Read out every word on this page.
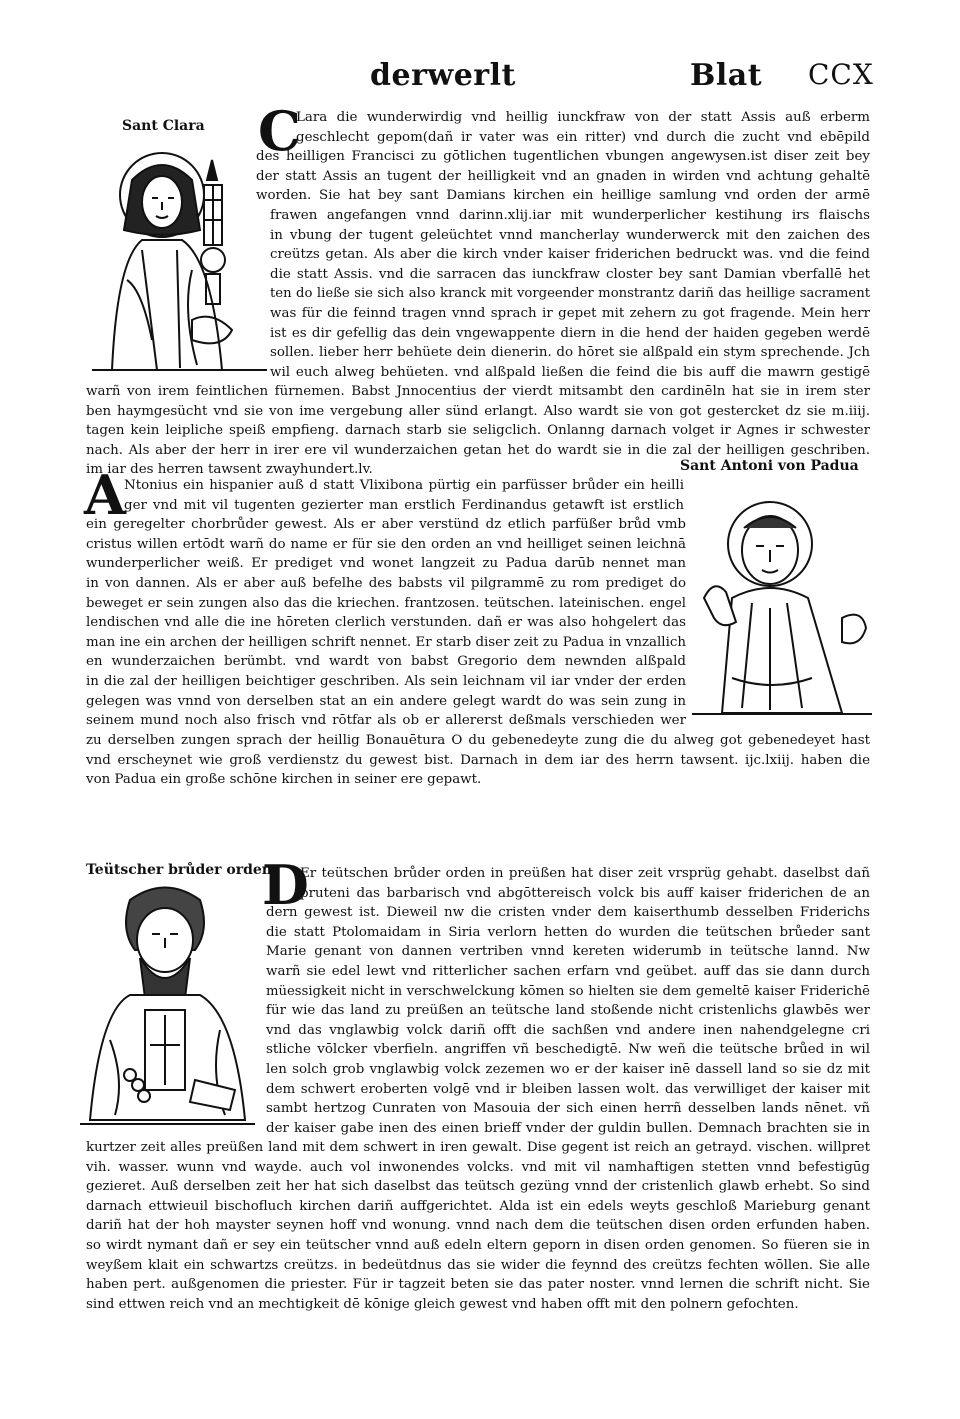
derwerlt	Blat CCX
Sant Clara C
Lara die wunderwirdig vnd heillig iunckfraw von der statt Assis auß erberm
geschlecht gepom(dañ ir vater was ein ritter) vnd durch die zucht vnd ebēpild
des heilligen Francisci zu gōtlichen tugentlichen vbungen angewysen.ist diser zeit bey
der statt Assis an tugent der heilligkeit vnd an gnaden in wirden vnd achtung gehaltē
worden. Sie hat bey sant Damians kirchen ein heillige samlung vnd orden der armē
frawen angefangen vnnd darinn.xlij.iar mit wunderperlicher kestihung irs flaischs
in vbung der tugent geleüchtet vnnd mancherlay wunderwerck mit den zaichen des
creützs getan. Als aber die kirch vnder kaiser friderichen bedruckt was. vnd die feind
die statt Assis. vnd die sarracen das iunckfraw closter bey sant Damian vberfallē het
ten do ließe sie sich also kranck mit vorgeender monstrantz dariñ das heillige sacrament
was für die feinnd tragen vnnd sprach ir gepet mit zehern zu got fragende. Mein herr
ist es dir gefellig das dein vngewappente diern in die hend der haiden gegeben werdē
sollen. lieber herr behüete dein dienerin. do hōret sie alßpald ein stym sprechende. Jch
wil euch alweg behüeten. vnd alßpald ließen die feind die bis auff die mawrn gestigē
warñ von irem feintlichen fürnemen. Babst Jnnocentius der vierdt mitsambt den cardinēln hat sie in irem ster
ben haymgesücht vnd sie von ime vergebung aller sünd erlangt. Also wardt sie von got gestercket dz sie m.iiij.
tagen kein leipliche speiß empfieng. darnach starb sie seligclich. Onlanng darnach volget ir Agnes ir schwester
nach. Als aber der herr in irer ere vil wunderzaichen getan het do wardt sie in die zal der heilligen geschriben.
im iar des herren tawsent zwayhundert.lv.	Sant Antoni von Padua
A
Ntonius ein hispanier auß d statt Vlixibona pürtig ein parfüsser brůder ein heilli
ger vnd mit vil tugenten gezierter man erstlich Ferdinandus getawft ist erstlich
ein geregelter chorbrůder gewest. Als er aber verstünd dz etlich parfüßer brůd vmb
cristus willen ertōdt warñ do name er für sie den orden an vnd heilliget seinen leichnā
wunderperlicher weiß. Er prediget vnd wonet langzeit zu Padua darūb nennet man
in von dannen. Als er aber auß befelhe des babsts vil pilgrammē zu rom prediget do
beweget er sein zungen also das die kriechen. frantzosen. teütschen. lateinischen. engel
lendischen vnd alle die ine hōreten clerlich verstunden. dañ er was also hohgelert das
man ine ein archen der heilligen schrift nennet. Er starb diser zeit zu Padua in vnzallich
en wunderzaichen berümbt. vnd wardt von babst Gregorio dem newnden alßpald
in die zal der heilligen beichtiger geschriben. Als sein leichnam vil iar vnder der erden
gelegen was vnnd von derselben stat an ein andere gelegt wardt do was sein zung in
seinem mund noch also frisch vnd rōtfar als ob er allererst deßmals verschieden wer
zu derselben zungen sprach der heillig Bonauētura O du gebenedeyte zung die du alweg got gebenedeyet hast
vnd erscheynet wie groß verdienstz du gewest bist. Darnach in dem iar des herrn tawsent. ijc.lxiij. haben die
von Padua ein große schōne kirchen in seiner ere gepawt.
Teütscher brůder orden
D
Er teütschen brůder orden in preüßen hat diser zeit vrsprüg gehabt. daselbst dañ
pruteni das barbarisch vnd abgōttereisch volck bis auff kaiser friderichen de an
dern gewest ist. Dieweil nw die cristen vnder dem kaiserthumb desselben Friderichs
die statt Ptolomaidam in Siria verlorn hetten do wurden die teütschen brůeder sant
Marie genant von dannen vertriben vnnd kereten widerumb in teütsche lannd. Nw
warñ sie edel lewt vnd ritterlicher sachen erfarn vnd geübet. auff das sie dann durch
müessigkeit nicht in verschwelckung kōmen so hielten sie dem gemeltē kaiser Friderichē
für wie das land zu preüßen an teütsche land stoßende nicht cristenlichs glawbēs wer
vnd das vnglawbig volck dariñ offt die sachßen vnd andere inen nahendgelegne cri
stliche vōlcker vberfieln. angriffen vñ beschedigtē. Nw weñ die teütsche brůed in wil
len solch grob vnglawbig volck zezemen wo er der kaiser inē dassell land so sie dz mit
dem schwert eroberten volgē vnd ir bleiben lassen wolt. das verwilliget der kaiser mit
sambt hertzog Cunraten von Masouia der sich einen herrñ desselben lands nēnet. vñ
der kaiser gabe inen des einen brieff vnder der guldin bullen. Demnach brachten sie in
kurtzer zeit alles preüßen land mit dem schwert in iren gewalt. Dise gegent ist reich an getrayd. vischen. willpret
vih. wasser. wunn vnd wayde. auch vol inwonendes volcks. vnd mit vil namhaftigen stetten vnnd befestigūg
gezieret. Auß derselben zeit her hat sich daselbst das teütsch gezüng vnnd der cristenlich glawb erhebt. So sind
darnach ettwieuil bischofluch kirchen dariñ auffgerichtet. Alda ist ein edels weyts geschloß Marieburg genant
dariñ hat der hoh mayster seynen hoff vnd wonung. vnnd nach dem die teütschen disen orden erfunden haben.
so wirdt nymant dañ er sey ein teütscher vnnd auß edeln eltern geporn in disen orden genomen. So füeren sie in
weyßem klait ein schwartzs creützs. in bedeütdnus das sie wider die feynnd des creützs fechten wōllen. Sie alle
haben pert. außgenomen die priester. Für ir tagzeit beten sie das pater noster. vnnd lernen die schrift nicht. Sie
sind ettwen reich vnd an mechtigkeit dē kōnige gleich gewest vnd haben offt mit den polnern gefochten.
